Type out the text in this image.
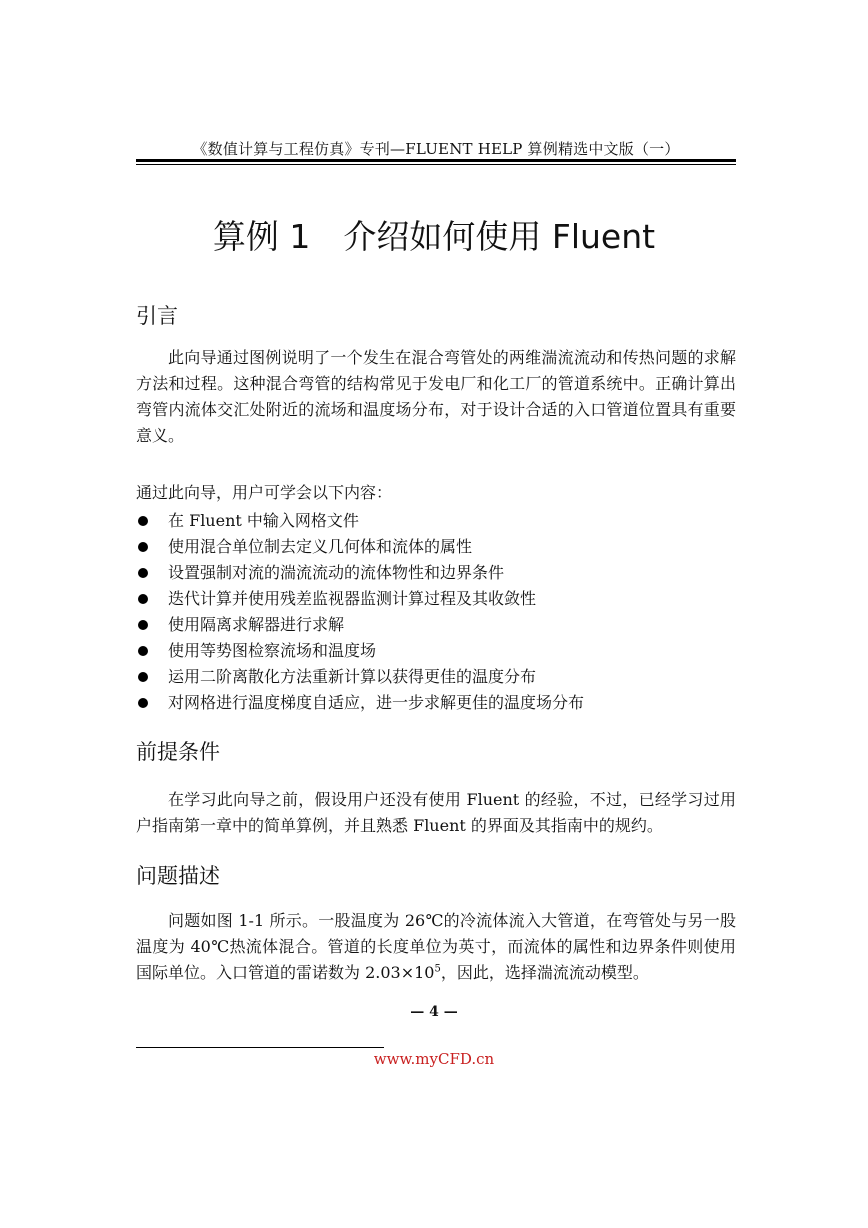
《数值计算与工程仿真》专刊—FLUENT HELP 算例精选中文版（一）
算例 1　介绍如何使用 Fluent
引言

此向导通过图例说明了一个发生在混合弯管处的两维湍流流动和传热问题的求解方法和过程。这种混合弯管的结构常见于发电厂和化工厂的管道系统中。正确计算出弯管内流体交汇处附近的流场和温度场分布，对于设计合适的入口管道位置具有重要意义。

通过此向导，用户可学会以下内容：

在 Fluent 中输入网格文件
使用混合单位制去定义几何体和流体的属性
设置强制对流的湍流流动的流体物性和边界条件
迭代计算并使用残差监视器监测计算过程及其收敛性
使用隔离求解器进行求解
使用等势图检察流场和温度场
运用二阶离散化方法重新计算以获得更佳的温度分布
对网格进行温度梯度自适应，进一步求解更佳的温度场分布
前提条件

在学习此向导之前，假设用户还没有使用 Fluent 的经验，不过，已经学习过用户指南第一章中的简单算例，并且熟悉 Fluent 的界面及其指南中的规约。

问题描述

问题如图 1-1 所示。一股温度为 26℃的冷流体流入大管道，在弯管处与另一股温度为 40℃热流体混合。管道的长度单位为英寸，而流体的属性和边界条件则使用国际单位。入口管道的雷诺数为 $2.03\times 10^5$，因此，选择湍流流动模型。

— 4 —
www.myCFD.cn
